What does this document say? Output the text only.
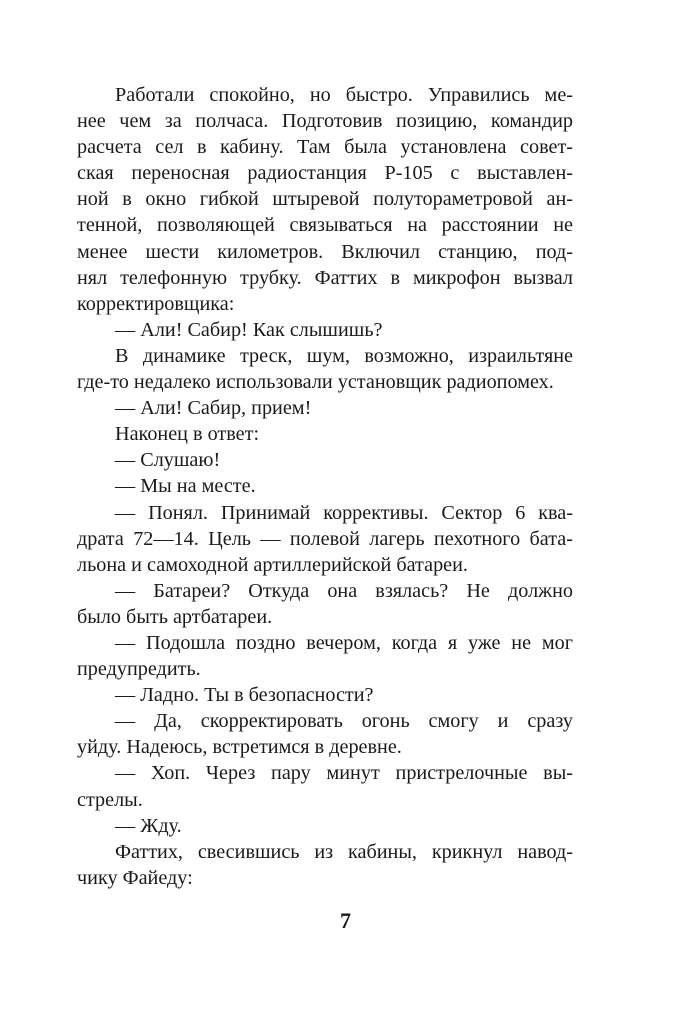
Работали спокойно, но быстро. Управились ме-
нее чем за полчаса. Подготовив позицию, командир
расчета сел в кабину. Там была установлена совет-
ская переносная радиостанция Р-105 с выставлен-
ной в окно гибкой штыревой полутораметровой ан-
тенной, позволяющей связываться на расстоянии не
менее шести километров. Включил станцию, под-
нял телефонную трубку. Фаттих в микрофон вызвал
корректировщика:
— Али! Сабир! Как слышишь?
В динамике треск, шум, возможно, израильтяне
где-то недалеко использовали установщик радиопомех.
— Али! Сабир, прием!
Наконец в ответ:
— Слушаю!
— Мы на месте.
— Понял. Принимай коррективы. Сектор 6 ква-
драта 72—14. Цель — полевой лагерь пехотного бата-
льона и самоходной артиллерийской батареи.
— Батареи? Откуда она взялась? Не должно
было быть артбатареи.
— Подошла поздно вечером, когда я уже не мог
предупредить.
— Ладно. Ты в безопасности?
— Да, скорректировать огонь смогу и сразу
уйду. Надеюсь, встретимся в деревне.
— Хоп. Через пару минут пристрелочные вы-
стрелы.
— Жду.
Фаттих, свесившись из кабины, крикнул навод-
чику Файеду:
7
